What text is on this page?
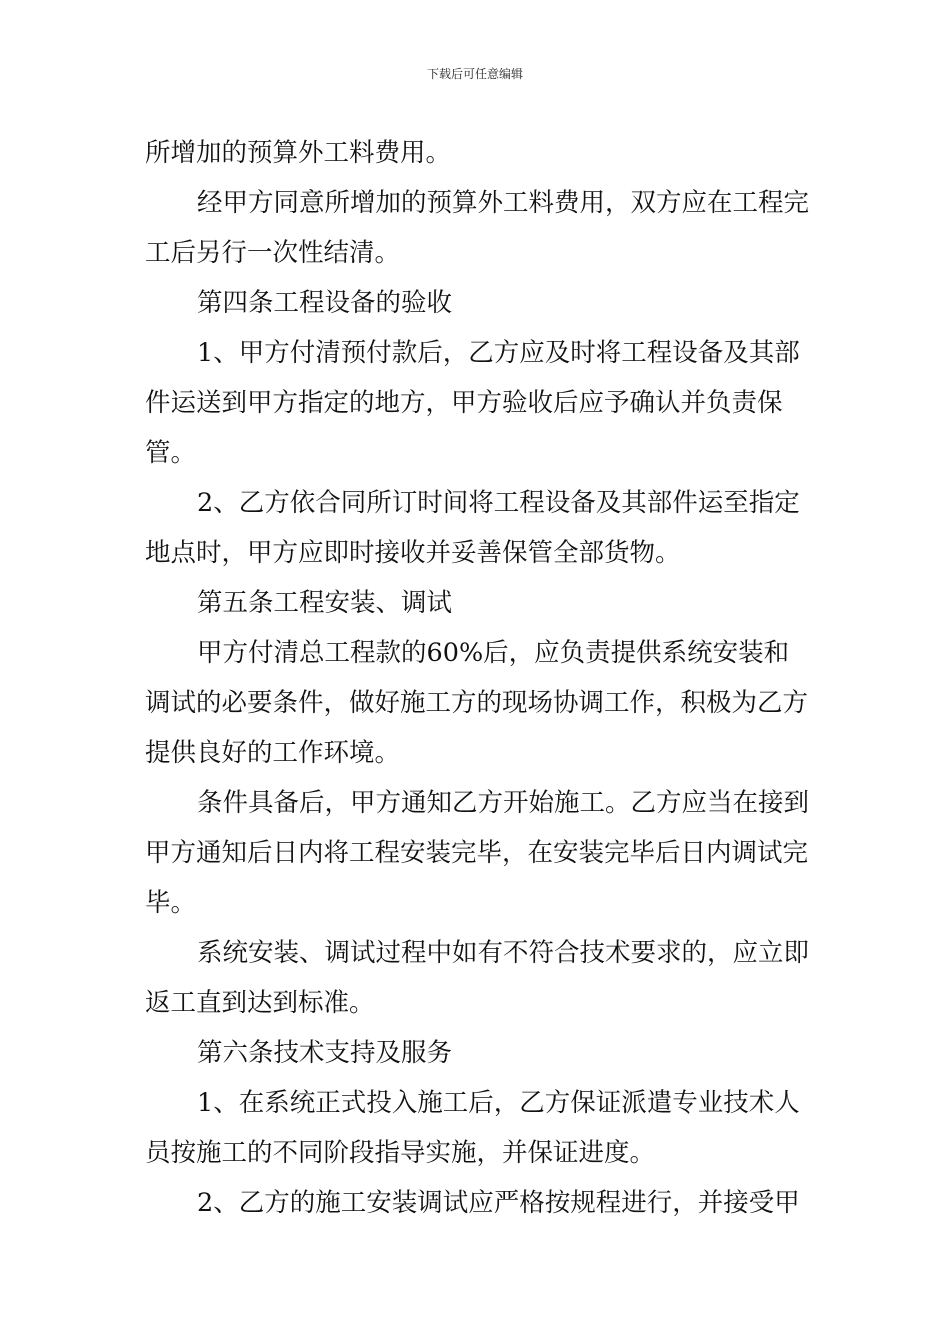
下载后可任意编辑

所增加的预算外工料费用。

经甲方同意所增加的预算外工料费用，双方应在工程完工后另行一次性结清。

第四条工程设备的验收

1、甲方付清预付款后，乙方应及时将工程设备及其部件运送到甲方指定的地方，甲方验收后应予确认并负责保管。

2、乙方依合同所订时间将工程设备及其部件运至指定地点时，甲方应即时接收并妥善保管全部货物。

第五条工程安装、调试

甲方付清总工程款的60%后，应负责提供系统安装和调试的必要条件，做好施工方的现场协调工作，积极为乙方提供良好的工作环境。

条件具备后，甲方通知乙方开始施工。乙方应当在接到甲方通知后日内将工程安装完毕，在安装完毕后日内调试完毕。

系统安装、调试过程中如有不符合技术要求的，应立即返工直到达到标准。

第六条技术支持及服务

1、在系统正式投入施工后，乙方保证派遣专业技术人员按施工的不同阶段指导实施，并保证进度。

2、乙方的施工安装调试应严格按规程进行，并接受甲
